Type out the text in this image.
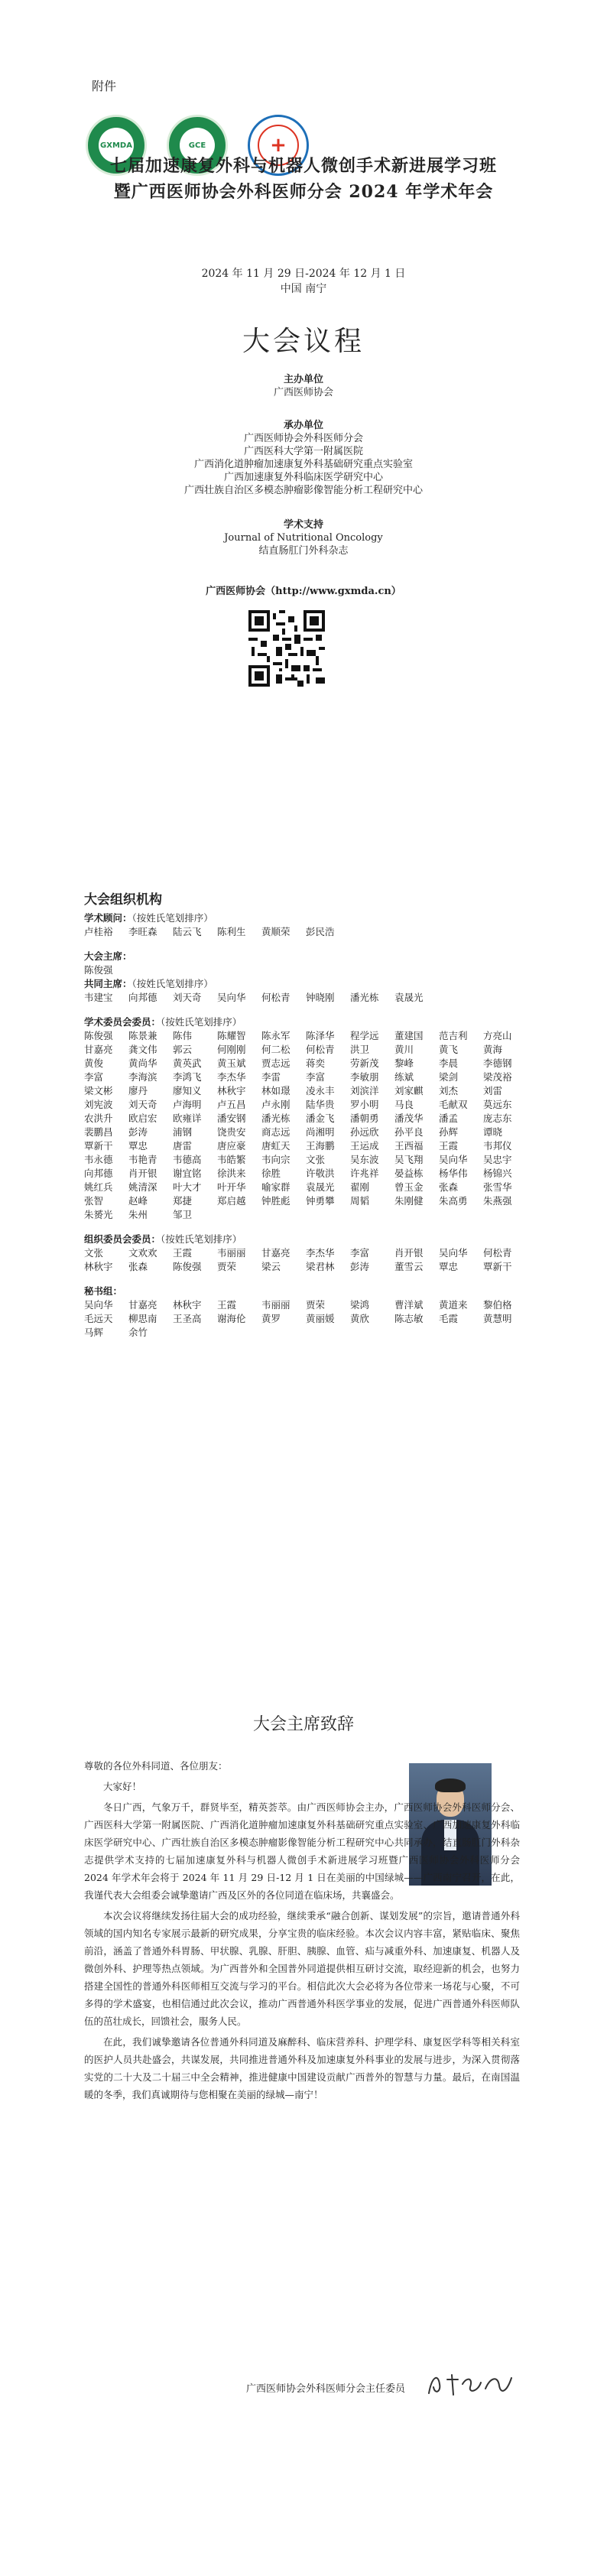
附件
GXMDA	GCE	+
七届加速康复外科与机器人微创手术新进展学习班
暨广西医师协会外科医师分会 2024 年学术年会
2024 年 11 月 29 日-2024 年 12 月 1 日
中国 南宁
大会议程
主办单位
广西医师协会
承办单位
广西医师协会外科医师分会
广西医科大学第一附属医院
广西消化道肿瘤加速康复外科基础研究重点实验室
广西加速康复外科临床医学研究中心
广西壮族自治区多模态肿瘤影像智能分析工程研究中心
学术支持
Journal of Nutritional Oncology
结直肠肛门外科杂志
广西医师协会（http://www.gxmda.cn）
大会组织机构
学术顾问：（按姓氏笔划排序）
卢桂裕	李旺森	陆云飞	陈利生	黄顺荣	彭民浩
大会主席：
陈俊强
共同主席：（按姓氏笔划排序）
韦建宝	向邦德	刘天奇	吴向华	何松青	钟晓刚	潘光栋	袁晟光
学术委员会委员：（按姓氏笔划排序）
陈俊强	陈景兼	陈伟	陈耀智	陈永军	陈泽华	程学远	董建国	范吉利	方亮山
甘嘉亮	龚文伟	郭云	何刚刚	何二松	何松青	洪卫	黄川	黄飞	黄海
黄俊	黄尚华	黄英武	黄玉斌	贾志远	蒋奕	劳新茂	黎峰	李晨	李德钢
李富	李海滨	李鸿飞	李杰华	李雷	李富	李敏朋	练斌	梁剑	梁茂裕
梁文彬	廖丹	廖知义	林秋宇	林如璟	凌永丰	刘滨洋	刘家麒	刘杰	刘雷
刘宪波	刘天奇	卢海明	卢五昌	卢永刚	陆华贵	罗小明	马良	毛献双	莫远东
农洪升	欧启宏	欧雍详	潘安钢	潘光栋	潘金飞	潘朝勇	潘茂华	潘孟	庞志东
裴鹏昌	彭涛	浦钢	饶贵安	商志远	尚湘明	孙远欣	孙平良	孙辉	谭晓
覃新干	覃忠	唐雷	唐应豪	唐虹天	王海鹏	王运成	王西福	王霞	韦邦仪
韦永德	韦艳青	韦德高	韦皓繁	韦向宗	文张	吴东波	吴飞翔	吴向华	吴忠宇
向邦德	肖开银	谢宜铭	徐洪来	徐胜	许敬洪	许兆祥	晏益栋	杨华伟	杨锦兴
姚红兵	姚清深	叶大才	叶开华	喻家群	袁晟光	翟刚	曾玉金	张森	张雪华
张智	赵峰	郑捷	郑启越	钟胜彪	钟勇攀	周韬	朱刚健	朱高勇	朱燕强
朱赟光	朱州	邹卫
组织委员会委员：（按姓氏笔划排序）
文张	文欢欢	王霞	韦丽丽	甘嘉亮	李杰华	李富	肖开银	吴向华	何松青
林秋宇	张森	陈俊强	贾荣	梁云	梁君林	彭涛	董雪云	覃忠	覃新干
秘书组：
吴向华	甘嘉亮	林秋宇	王霞	韦丽丽	贾荣	梁鸿	曹洋斌	黄道来	黎伯格
毛远天	柳思南	王圣高	谢海伦	黄罗	黄丽媛	黄欣	陈志敏	毛霞	黄慧明
马辉	余竹
大会主席致辞

尊敬的各位外科同道、各位朋友：

大家好！

冬日广西，气象万千，群贤毕至，精英荟萃。由广西医师协会主办，广西医师协会外科医师分会、广西医科大学第一附属医院、广西消化道肿瘤加速康复外科基础研究重点实验室、广西加速康复外科临床医学研究中心、广西壮族自治区多模态肿瘤影像智能分析工程研究中心共同承办，结直肠肛门外科杂志提供学术支持的七届加速康复外科与机器人微创手术新进展学习班暨广西医师协会外科医师分会 2024 年学术年会将于 2024 年 11 月 29 日-12 月 1 日在美丽的中国绿城——广西南宁召开，在此，我谨代表大会组委会诚挚邀请广西及区外的各位同道在临床场，共襄盛会。

本次会议将继续发扬往届大会的成功经验，继续秉承“融合创新、谋划发展”的宗旨，邀请普通外科领域的国内知名专家展示最新的研究成果，分享宝贵的临床经验。本次会议内容丰富，紧贴临床、聚焦前沿，涵盖了普通外科胃肠、甲状腺、乳腺、肝胆、胰腺、血管、疝与减重外科、加速康复、机器人及微创外科、护理等热点领域。为广西普外和全国普外同道提供相互研讨交流，取经迎新的机会，也努力搭建全国性的普通外科医师相互交流与学习的平台。相信此次大会必将为各位带来一场花与心聚，不可多得的学术盛宴，也相信通过此次会议，推动广西普通外科医学事业的发展，促进广西普通外科医师队伍的茁壮成长，回馈社会，服务人民。

在此，我们诚挚邀请各位普通外科同道及麻醉科、临床营养科、护理学科、康复医学科等相关科室的医护人员共赴盛会，共谋发展，共同推进普通外科及加速康复外科事业的发展与进步，为深入贯彻落实党的二十大及二十届三中全会精神，推进健康中国建设贡献广西普外的智慧与力量。最后，在南国温暖的冬季，我们真诚期待与您相聚在美丽的绿城—南宁！

广西医师协会外科医师分会主任委员
